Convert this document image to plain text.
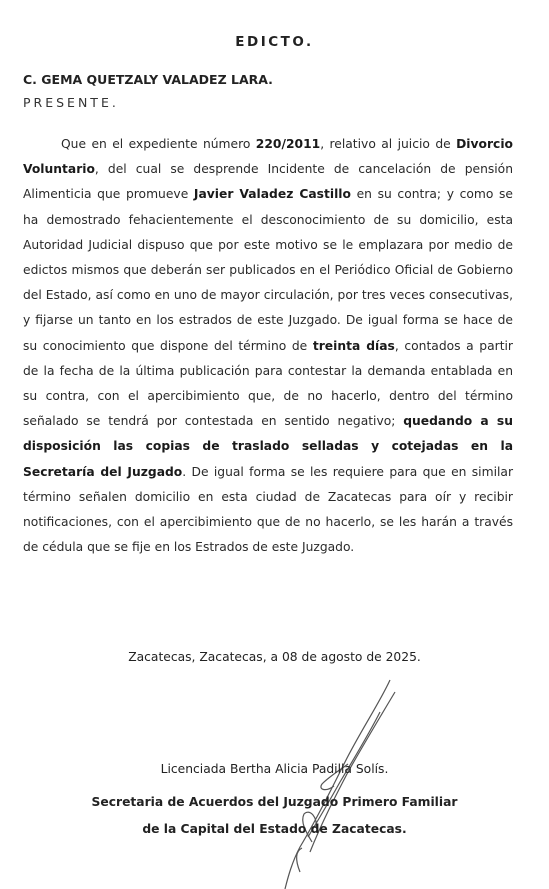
EDICTO.
C. GEMA QUETZALY VALADEZ LARA.
PRESENTE.
Que en el expediente número 220/2011, relativo al juicio de Divorcio Voluntario, del cual se desprende Incidente de cancelación de pensión Alimenticia que promueve Javier Valadez Castillo en su contra; y como se ha demostrado fehacientemente el desconocimiento de su domicilio, esta Autoridad Judicial dispuso que por este motivo se le emplazara por medio de edictos mismos que deberán ser publicados en el Periódico Oficial de Gobierno del Estado, así como en uno de mayor circulación, por tres veces consecutivas, y fijarse un tanto en los estrados de este Juzgado. De igual forma se hace de su conocimiento que dispone del término de treinta días, contados a partir de la fecha de la última publicación para contestar la demanda entablada en su contra, con el apercibimiento que, de no hacerlo, dentro del término señalado se tendrá por contestada en sentido negativo; quedando a su disposición las copias de traslado selladas y cotejadas en la Secretaría del Juzgado. De igual forma se les requiere para que en similar término señalen domicilio en esta ciudad de Zacatecas para oír y recibir notificaciones, con el apercibimiento que de no hacerlo, se les harán a través de cédula que se fije en los Estrados de este Juzgado.
Zacatecas, Zacatecas, a 08 de agosto de 2025.
Licenciada Bertha Alicia Padilla Solís.
Secretaria de Acuerdos del Juzgado Primero Familiar
de la Capital del Estado de Zacatecas.
